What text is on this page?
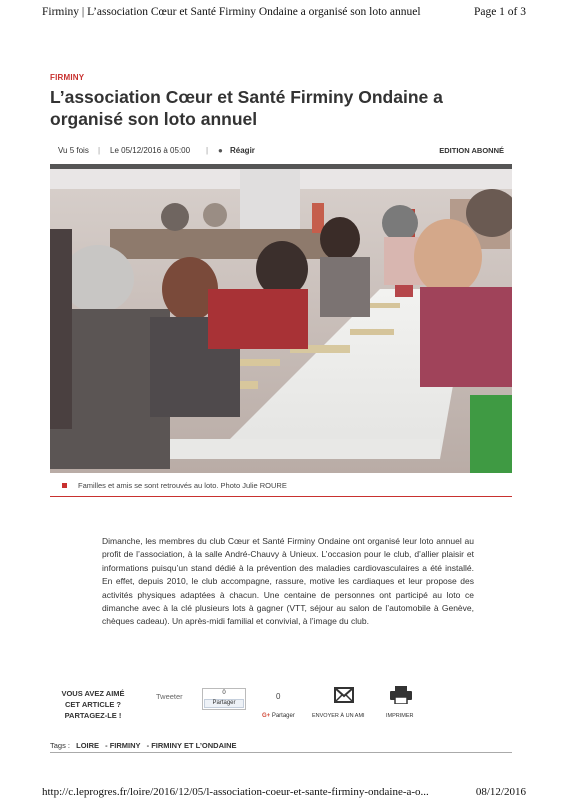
Firminy | L’association Cœur et Santé Firminy Ondaine a organisé son loto annuel	Page 1 of 3
FIRMINY
L’association Cœur et Santé Firminy Ondaine a organisé son loto annuel
Vu 5 fois | Le 05/12/2016 à 05:00 | ● Réagir	EDITION ABONNÉ
Familles et amis se sont retrouvés au loto. Photo Julie ROURE

Dimanche, les membres du club Cœur et Santé Firminy Ondaine ont organisé leur loto annuel au profit de l’association, à la salle André-Chauvy à Unieux. L’occasion pour le club, d’allier plaisir et informations puisqu’un stand dédié à la prévention des maladies cardiovasculaires a été installé. En effet, depuis 2010, le club accompagne, rassure, motive les cardiaques et leur propose des activités physiques adaptées à chacun. Une centaine de personnes ont participé au loto ce dimanche avec à la clé plusieurs lots à gagner (VTT, séjour au salon de l’automobile à Genève, chèques cadeau). Un après-midi familial et convivial, à l’image du club.

VOUS AVEZ AIMÉ
CET ARTICLE ?
PARTAGEZ-LE !
Tweeter	0
Partager
0
G+ Partager	ENVOYER À UN AMI	IMPRIMER
Tags : LOIRE - FIRMINY - FIRMINY ET L’ONDAINE
http://c.leprogres.fr/loire/2016/12/05/l-association-coeur-et-sante-firminy-ondaine-a-o...	08/12/2016
